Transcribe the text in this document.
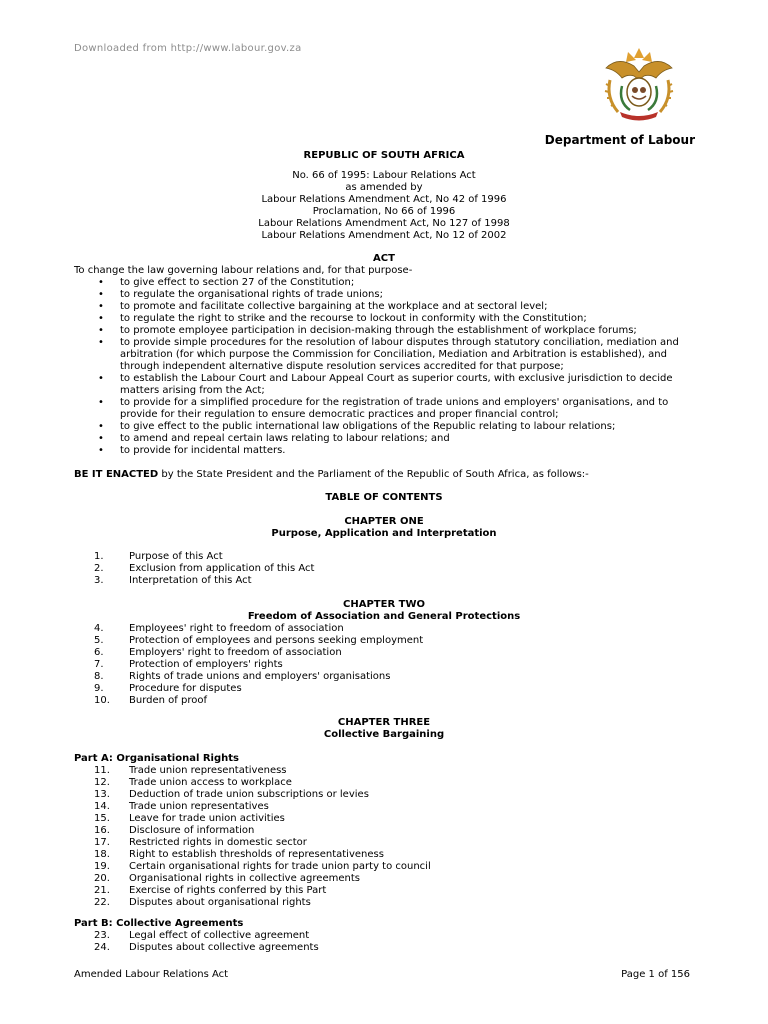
Downloaded from http://www.labour.gov.za
Department of Labour
REPUBLIC OF SOUTH AFRICA
No. 66 of 1995: Labour Relations Act
as amended by
Labour Relations Amendment Act, No 42 of 1996
Proclamation, No 66 of 1996
Labour Relations Amendment Act, No 127 of 1998
Labour Relations Amendment Act, No 12 of 2002
ACT

To change the law governing labour relations and, for that purpose-

• to give effect to section 27 of the Constitution;
• to regulate the organisational rights of trade unions;
• to promote and facilitate collective bargaining at the workplace and at sectoral level;
• to regulate the right to strike and the recourse to lockout in conformity with the Constitution;
• to promote employee participation in decision-making through the establishment of workplace forums;
• to provide simple procedures for the resolution of labour disputes through statutory conciliation, mediation and arbitration (for which purpose the Commission for Conciliation, Mediation and Arbitration is established), and through independent alternative dispute resolution services accredited for that purpose;
• to establish the Labour Court and Labour Appeal Court as superior courts, with exclusive jurisdiction to decide matters arising from the Act;
• to provide for a simplified procedure for the registration of trade unions and employers' organisations, and to provide for their regulation to ensure democratic practices and proper financial control;
• to give effect to the public international law obligations of the Republic relating to labour relations;
• to amend and repeal certain laws relating to labour relations; and
• to provide for incidental matters.
BE IT ENACTED by the State President and the Parliament of the Republic of South Africa, as follows:-
TABLE OF CONTENTS
CHAPTER ONE
Purpose, Application and Interpretation
1.	Purpose of this Act
2.	Exclusion from application of this Act
3.	Interpretation of this Act
CHAPTER TWO
Freedom of Association and General Protections
4.	Employees' right to freedom of association
5.	Protection of employees and persons seeking employment
6.	Employers' right to freedom of association
7.	Protection of employers' rights
8.	Rights of trade unions and employers' organisations
9.	Procedure for disputes
10.	Burden of proof
CHAPTER THREE
Collective Bargaining
Part A: Organisational Rights
11.	Trade union representativeness
12.	Trade union access to workplace
13.	Deduction of trade union subscriptions or levies
14.	Trade union representatives
15.	Leave for trade union activities
16.	Disclosure of information
17.	Restricted rights in domestic sector
18.	Right to establish thresholds of representativeness
19.	Certain organisational rights for trade union party to council
20.	Organisational rights in collective agreements
21.	Exercise of rights conferred by this Part
22.	Disputes about organisational rights
Part B: Collective Agreements
23.	Legal effect of collective agreement
24.	Disputes about collective agreements
Amended Labour Relations Act	Page 1 of 156
